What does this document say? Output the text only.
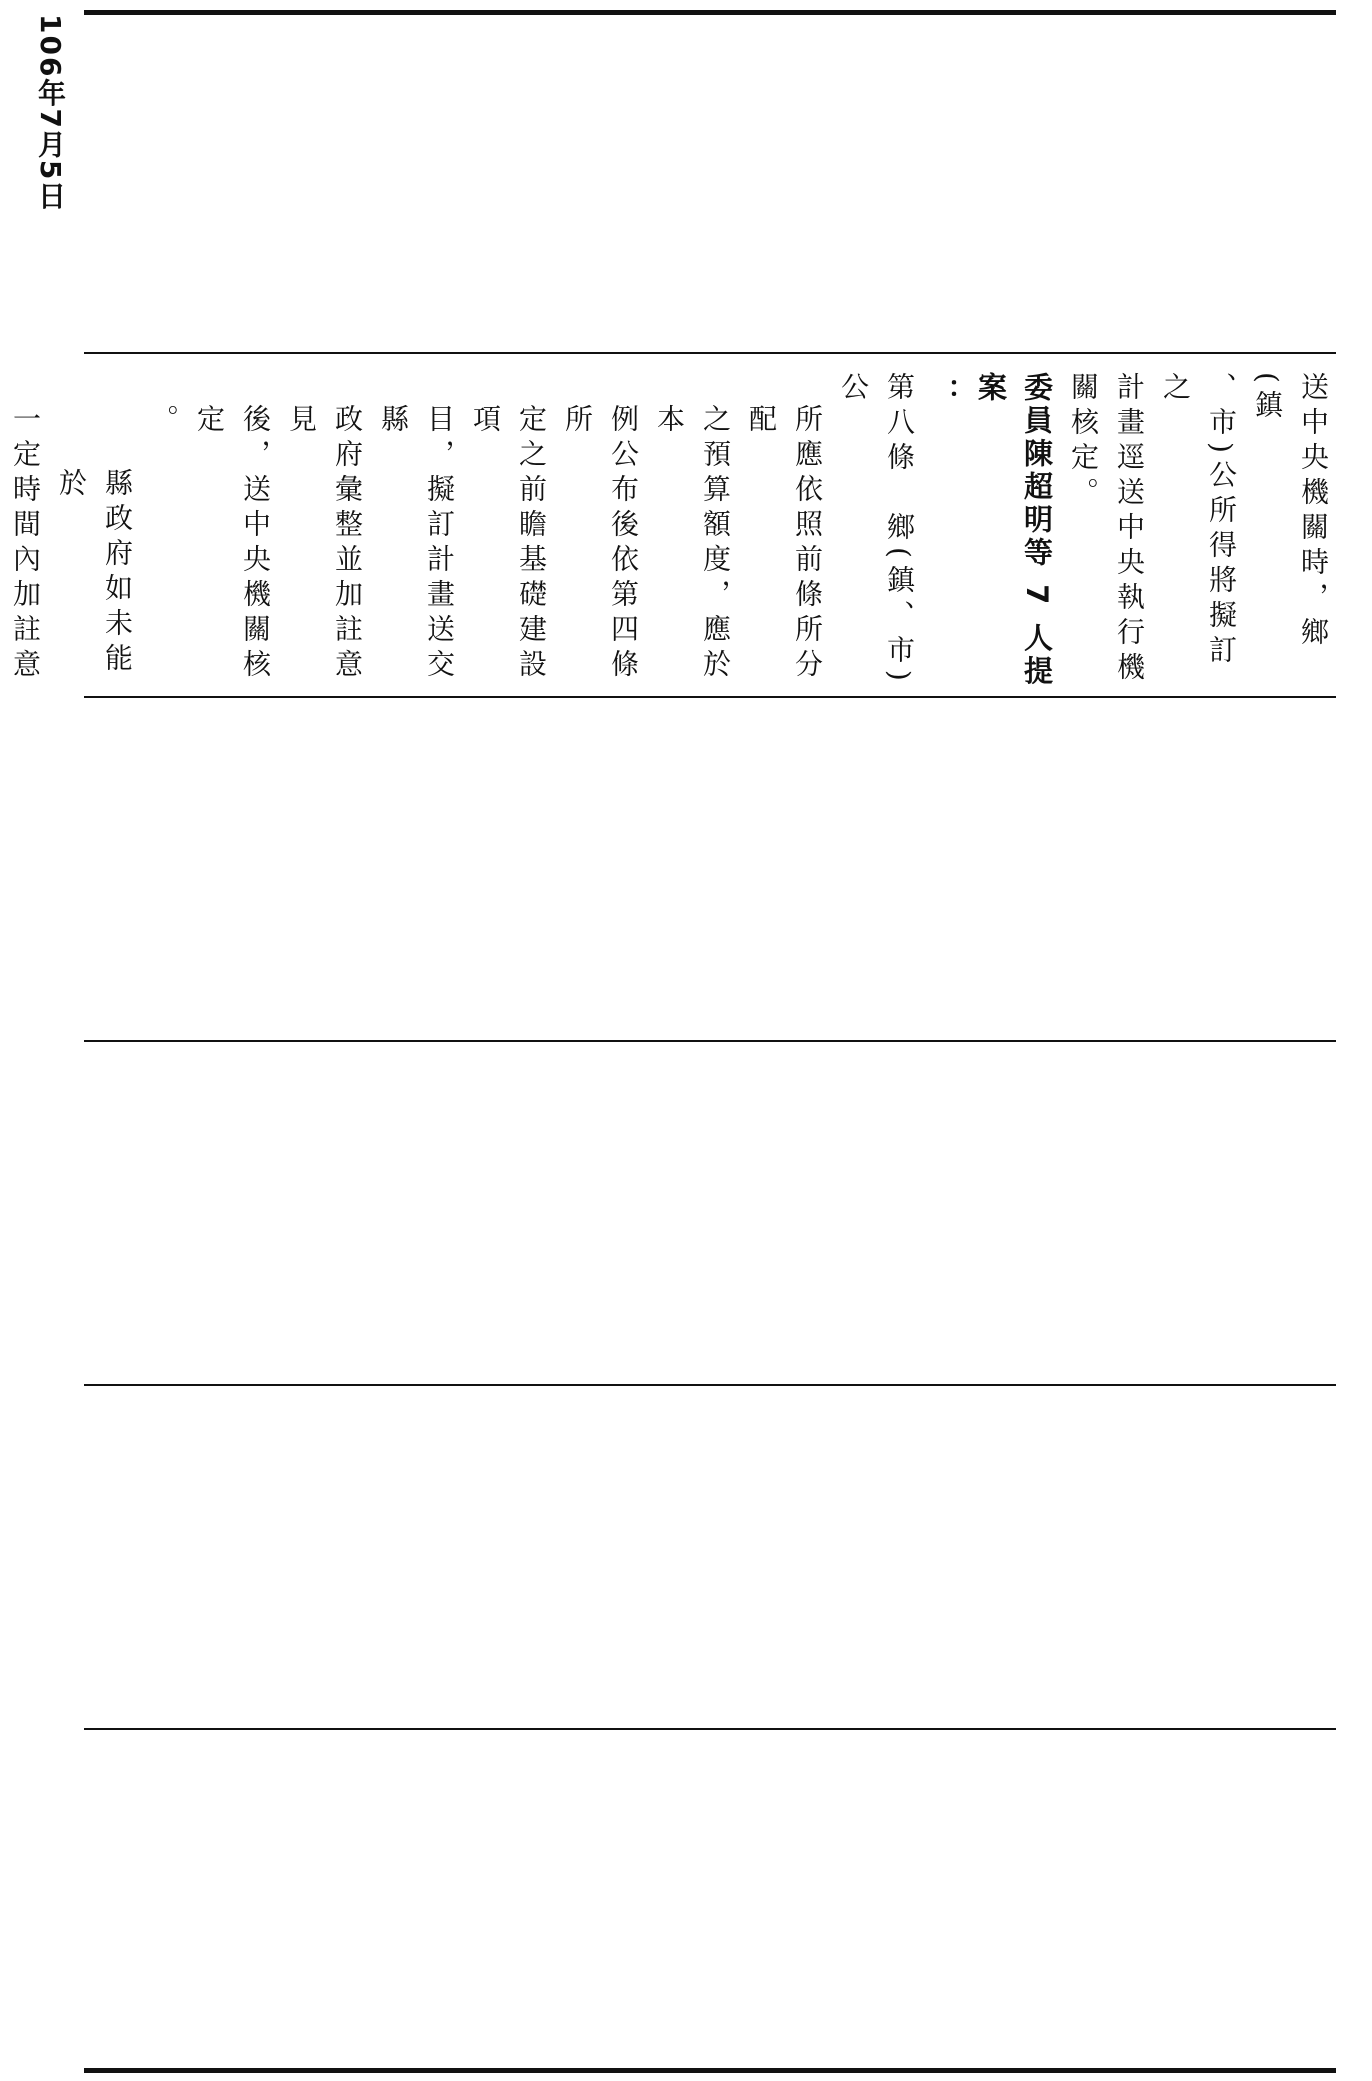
106年7月5日
送中央機關時，鄉(鎮
、市)公所得將擬訂之
計畫逕送中央執行機
關核定。
委員陳超明等 7 人提案
：
第八條　鄉(鎮、市)公
所應依照前條所分配
之預算額度，應於本
例公布後依第四條所
定之前瞻基礎建設項
目，擬訂計畫送交縣
政府彙整並加註意見
後，送中央機關核定
。
縣政府如未能於
一定時間內加註意
